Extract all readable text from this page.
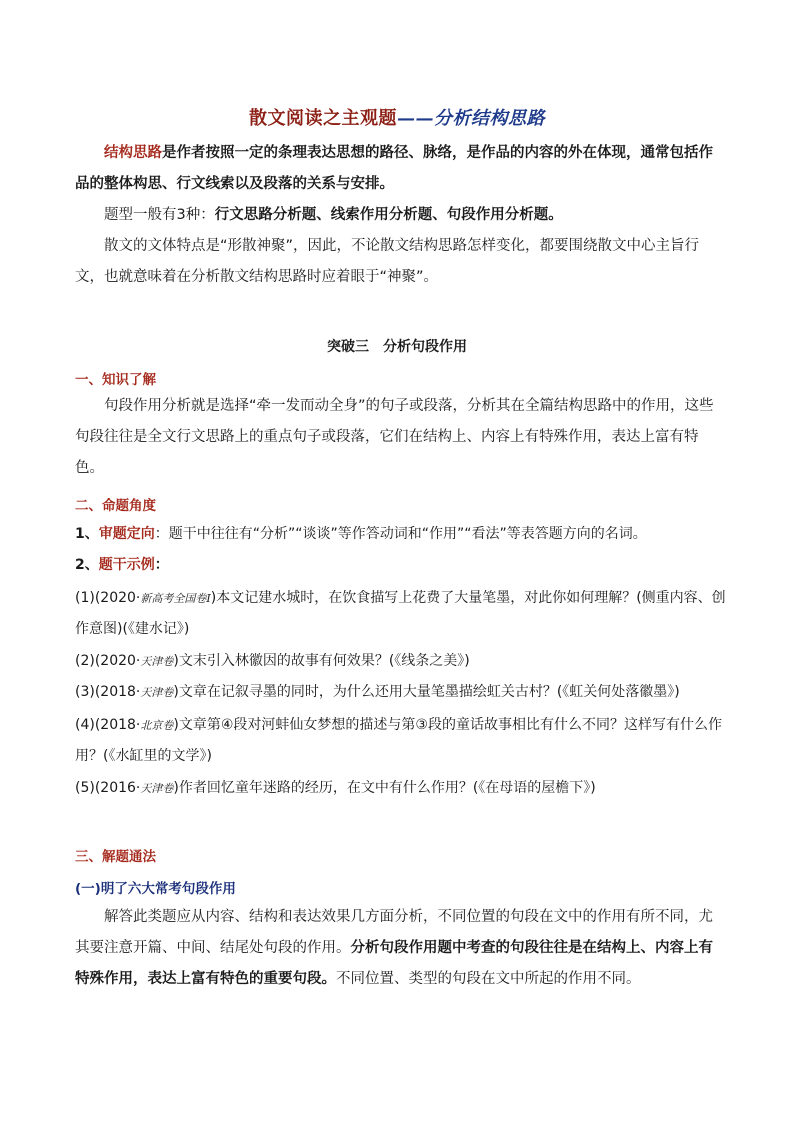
散文阅读之主观题——分析结构思路

结构思路是作者按照一定的条理表达思想的路径、脉络，是作品的内容的外在体现，通常包括作品的整体构思、行文线索以及段落的关系与安排。

题型一般有3种：行文思路分析题、线索作用分析题、句段作用分析题。

散文的文体特点是“形散神聚”，因此，不论散文结构思路怎样变化，都要围绕散文中心主旨行文，也就意味着在分析散文结构思路时应着眼于“神聚”。

突破三　分析句段作用

一、知识了解

句段作用分析就是选择“牵一发而动全身”的句子或段落，分析其在全篇结构思路中的作用，这些句段往往是全文行文思路上的重点句子或段落，它们在结构上、内容上有特殊作用，表达上富有特色。

二、命题角度

1、审题定向：题干中往往有“分析”“谈谈”等作答动词和“作用”“看法”等表答题方向的名词。

2、题干示例：

(1)(2020·新高考全国卷Ⅰ)本文记建水城时，在饮食描写上花费了大量笔墨，对此你如何理解？(侧重内容、创作意图)(《建水记》)

(2)(2020·天津卷)文末引入林徽因的故事有何效果？(《线条之美》)

(3)(2018·天津卷)文章在记叙寻墨的同时，为什么还用大量笔墨描绘虹关古村？(《虹关何处落徽墨》)

(4)(2018·北京卷)文章第④段对河蚌仙女梦想的描述与第③段的童话故事相比有什么不同？这样写有什么作用？(《水缸里的文学》)

(5)(2016·天津卷)作者回忆童年迷路的经历，在文中有什么作用？(《在母语的屋檐下》)

三、解题通法

(一)明了六大常考句段作用

解答此类题应从内容、结构和表达效果几方面分析，不同位置的句段在文中的作用有所不同，尤其要注意开篇、中间、结尾处句段的作用。分析句段作用题中考查的句段往往是在结构上、内容上有特殊作用，表达上富有特色的重要句段。不同位置、类型的句段在文中所起的作用不同。
